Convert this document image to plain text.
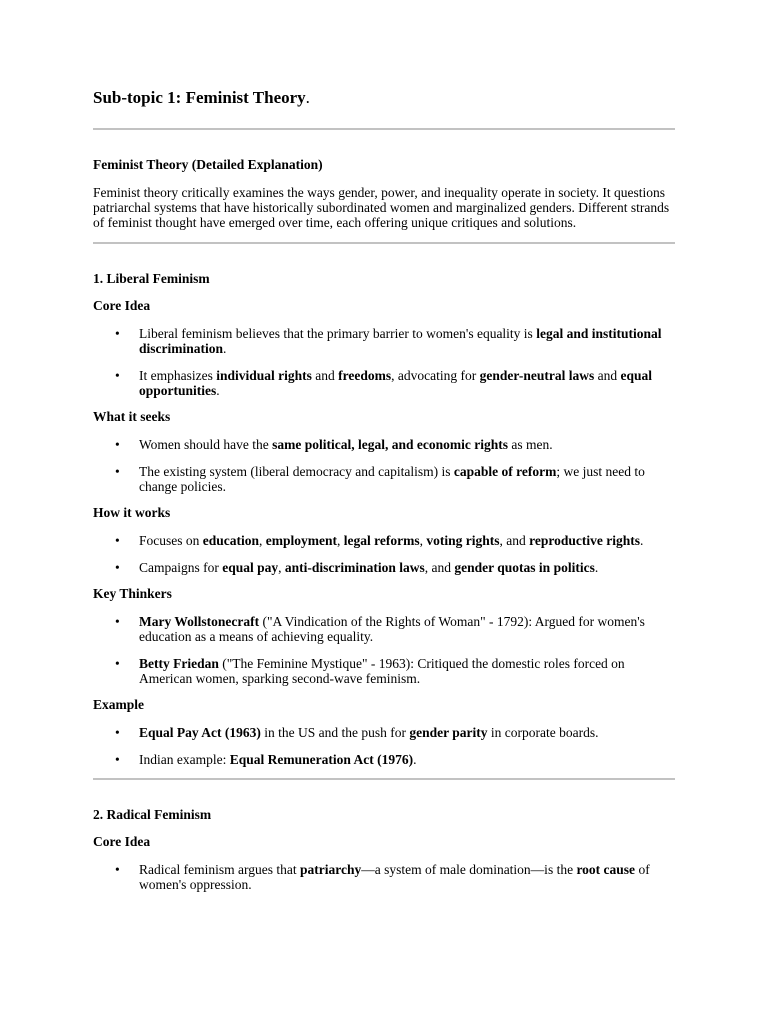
Sub-topic 1: Feminist Theory.
Feminist Theory (Detailed Explanation)

Feminist theory critically examines the ways gender, power, and inequality operate in society. It questions patriarchal systems that have historically subordinated women and marginalized genders. Different strands of feminist thought have emerged over time, each offering unique critiques and solutions.

1. Liberal Feminism
Core Idea
• Liberal feminism believes that the primary barrier to women's equality is legal and institutional discrimination.
• It emphasizes individual rights and freedoms, advocating for gender-neutral laws and equal opportunities.
What it seeks
• Women should have the same political, legal, and economic rights as men.
• The existing system (liberal democracy and capitalism) is capable of reform; we just need to change policies.
How it works
• Focuses on education, employment, legal reforms, voting rights, and reproductive rights.
• Campaigns for equal pay, anti-discrimination laws, and gender quotas in politics.
Key Thinkers
• Mary Wollstonecraft ("A Vindication of the Rights of Woman" - 1792): Argued for women's education as a means of achieving equality.
• Betty Friedan ("The Feminine Mystique" - 1963): Critiqued the domestic roles forced on American women, sparking second-wave feminism.
Example
• Equal Pay Act (1963) in the US and the push for gender parity in corporate boards.
• Indian example: Equal Remuneration Act (1976).
2. Radical Feminism
Core Idea
• Radical feminism argues that patriarchy—a system of male domination—is the root cause of women's oppression.
